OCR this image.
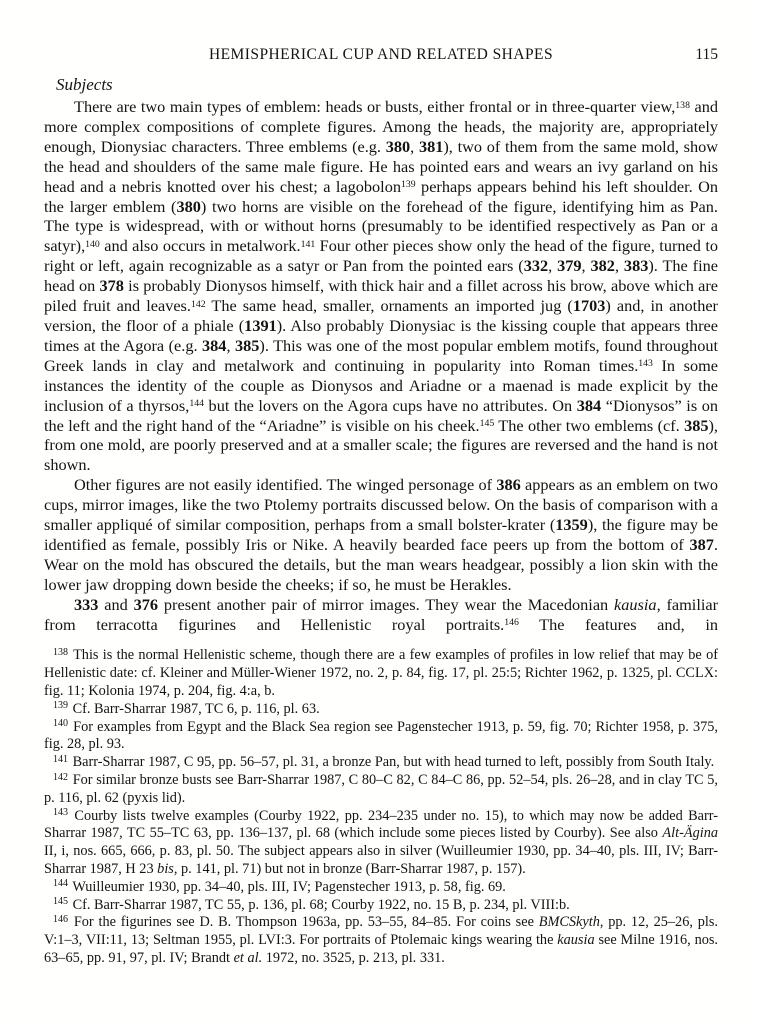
HEMISPHERICAL CUP AND RELATED SHAPES	115
Subjects

There are two main types of emblem: heads or busts, either frontal or in three-quarter view,$^{138}$ and more complex compositions of complete figures. Among the heads, the majority are, appropriately enough, Dionysiac characters. Three emblems (e.g. 380, 381), two of them from the same mold, show the head and shoulders of the same male figure. He has pointed ears and wears an ivy garland on his head and a nebris knotted over his chest; a lagobolon$^{139}$ perhaps appears behind his left shoulder. On the larger emblem (380) two horns are visible on the forehead of the figure, identifying him as Pan. The type is widespread, with or without horns (presumably to be identified respectively as Pan or a satyr),$^{140}$ and also occurs in metalwork.$^{141}$ Four other pieces show only the head of the figure, turned to right or left, again recognizable as a satyr or Pan from the pointed ears (332, 379, 382, 383). The fine head on 378 is probably Dionysos himself, with thick hair and a fillet across his brow, above which are piled fruit and leaves.$^{142}$ The same head, smaller, ornaments an imported jug (1703) and, in another version, the floor of a phiale (1391). Also probably Dionysiac is the kissing couple that appears three times at the Agora (e.g. 384, 385). This was one of the most popular emblem motifs, found throughout Greek lands in clay and metalwork and continuing in popularity into Roman times.$^{143}$ In some instances the identity of the couple as Dionysos and Ariadne or a maenad is made explicit by the inclusion of a thyrsos,$^{144}$ but the lovers on the Agora cups have no attributes. On 384 “Dionysos” is on the left and the right hand of the “Ariadne” is visible on his cheek.$^{145}$ The other two emblems (cf. 385), from one mold, are poorly preserved and at a smaller scale; the figures are reversed and the hand is not shown.

Other figures are not easily identified. The winged personage of 386 appears as an emblem on two cups, mirror images, like the two Ptolemy portraits discussed below. On the basis of comparison with a smaller appliqué of similar composition, perhaps from a small bolster-krater (1359), the figure may be identified as female, possibly Iris or Nike. A heavily bearded face peers up from the bottom of 387. Wear on the mold has obscured the details, but the man wears headgear, possibly a lion skin with the lower jaw dropping down beside the cheeks; if so, he must be Herakles.

333 and 376 present another pair of mirror images. They wear the Macedonian kausia, familiar from terracotta figurines and Hellenistic royal portraits.$^{146}$ The features and, in

$^{138}$ This is the normal Hellenistic scheme, though there are a few examples of profiles in low relief that may be of Hellenistic date: cf. Kleiner and Müller-Wiener 1972, no. 2, p. 84, fig. 17, pl. 25:5; Richter 1962, p. 1325, pl. CCLX: fig. 11; Kolonia 1974, p. 204, fig. 4:a, b.

$^{139}$ Cf. Barr-Sharrar 1987, TC 6, p. 116, pl. 63.

$^{140}$ For examples from Egypt and the Black Sea region see Pagenstecher 1913, p. 59, fig. 70; Richter 1958, p. 375, fig. 28, pl. 93.

$^{141}$ Barr-Sharrar 1987, C 95, pp. 56–57, pl. 31, a bronze Pan, but with head turned to left, possibly from South Italy.

$^{142}$ For similar bronze busts see Barr-Sharrar 1987, C 80–C 82, C 84–C 86, pp. 52–54, pls. 26–28, and in clay TC 5, p. 116, pl. 62 (pyxis lid).

$^{143}$ Courby lists twelve examples (Courby 1922, pp. 234–235 under no. 15), to which may now be added Barr-Sharrar 1987, TC 55–TC 63, pp. 136–137, pl. 68 (which include some pieces listed by Courby). See also Alt-Ägina II, i, nos. 665, 666, p. 83, pl. 50. The subject appears also in silver (Wuilleumier 1930, pp. 34–40, pls. III, IV; Barr-Sharrar 1987, H 23 bis, p. 141, pl. 71) but not in bronze (Barr-Sharrar 1987, p. 157).

$^{144}$ Wuilleumier 1930, pp. 34–40, pls. III, IV; Pagenstecher 1913, p. 58, fig. 69.

$^{145}$ Cf. Barr-Sharrar 1987, TC 55, p. 136, pl. 68; Courby 1922, no. 15 B, p. 234, pl. VIII:b.

$^{146}$ For the figurines see D. B. Thompson 1963a, pp. 53–55, 84–85. For coins see BMCSkyth, pp. 12, 25–26, pls. V:1–3, VII:11, 13; Seltman 1955, pl. LVI:3. For portraits of Ptolemaic kings wearing the kausia see Milne 1916, nos. 63–65, pp. 91, 97, pl. IV; Brandt et al. 1972, no. 3525, p. 213, pl. 331.
